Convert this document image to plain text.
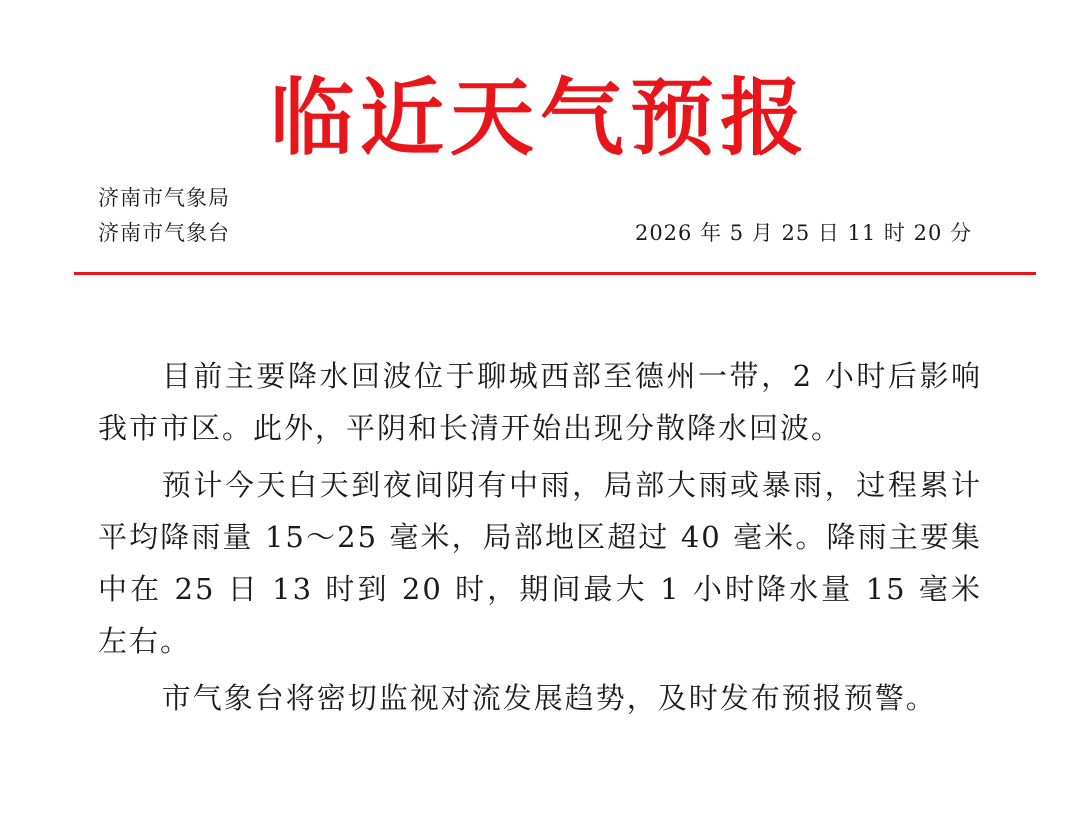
临近天气预报
济南市气象局
济南市气象台	2026 年 5 月 25 日 11 时 20 分

目前主要降水回波位于聊城西部至德州一带，2 小时后影响我市市区。此外，平阴和长清开始出现分散降水回波。

预计今天白天到夜间阴有中雨，局部大雨或暴雨，过程累计平均降雨量 15～25 毫米，局部地区超过 40 毫米。降雨主要集中在 25 日 13 时到 20 时，期间最大 1 小时降水量 15 毫米左右。

市气象台将密切监视对流发展趋势，及时发布预报预警。
